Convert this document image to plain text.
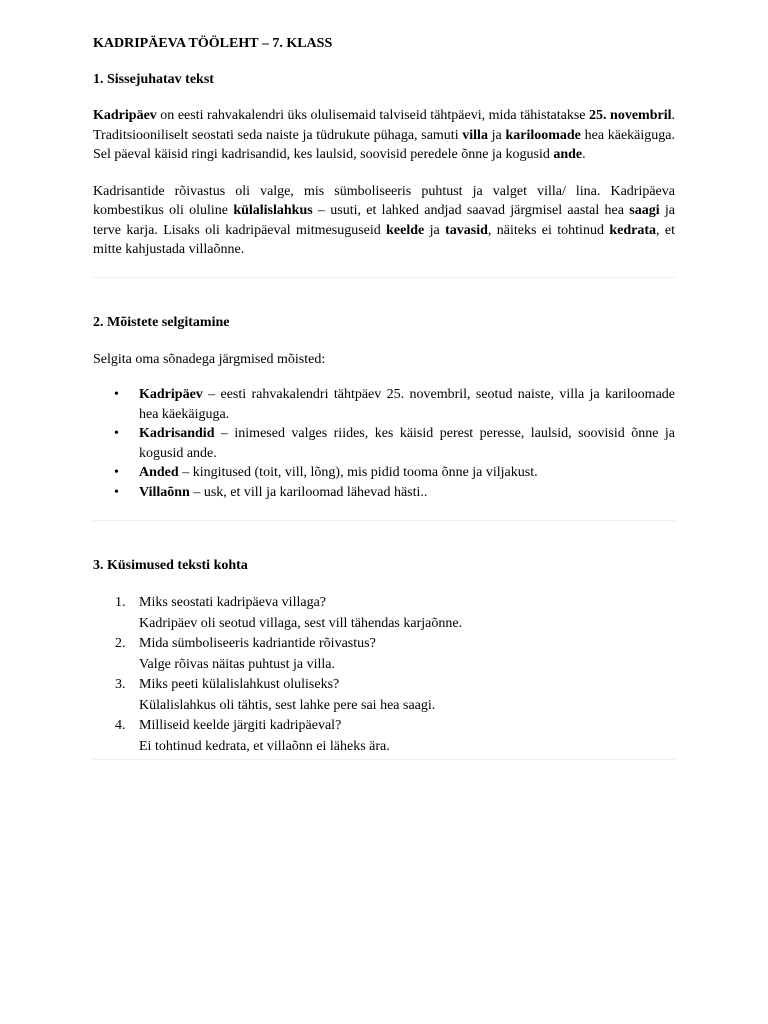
KADRIPÄEVA TÖÖLEHT – 7. KLASS
1. Sissejuhatav tekst

Kadripäev on eesti rahvakalendri üks olulisemaid talviseid tähtpäevi, mida tähistatakse 25. novembril. Traditsiooniliselt seostati seda naiste ja tüdrukute pühaga, samuti villa ja kariloomade hea käekäiguga. Sel päeval käisid ringi kadrisandid, kes laulsid, soovisid peredele õnne ja kogusid ande.

Kadrisantide rõivastus oli valge, mis sümboliseeris puhtust ja valget villa/ lina. Kadripäeva kombestikus oli oluline külalislahkus – usuti, et lahked andjad saavad järgmisel aastal hea saagi ja terve karja. Lisaks oli kadripäeval mitmesuguseid keelde ja tavasid, näiteks ei tohtinud kedrata, et mitte kahjustada villaõnne.

2. Mõistete selgitamine

Selgita oma sõnadega järgmised mõisted:

• Kadripäev – eesti rahvakalendri tähtpäev 25. novembril, seotud naiste, villa ja kariloomade hea käekäiguga.
• Kadrisandid – inimesed valges riides, kes käisid perest peresse, laulsid, soovisid õnne ja kogusid ande.
• Anded – kingitused (toit, vill, lõng), mis pidid tooma õnne ja viljakust.
• Villaõnn – usk, et vill ja kariloomad lähevad hästi..
3. Küsimused teksti kohta
1. Miks seostati kadripäeva villaga?
Kadripäev oli seotud villaga, sest vill tähendas karjaõnne.
2. Mida sümboliseeris kadriantide rõivastus?
Valge rõivas näitas puhtust ja villa.
3. Miks peeti külalislahkust oluliseks?
Külalislahkus oli tähtis, sest lahke pere sai hea saagi.
4. Milliseid keelde järgiti kadripäeval?
Ei tohtinud kedrata, et villaõnn ei läheks ära.
